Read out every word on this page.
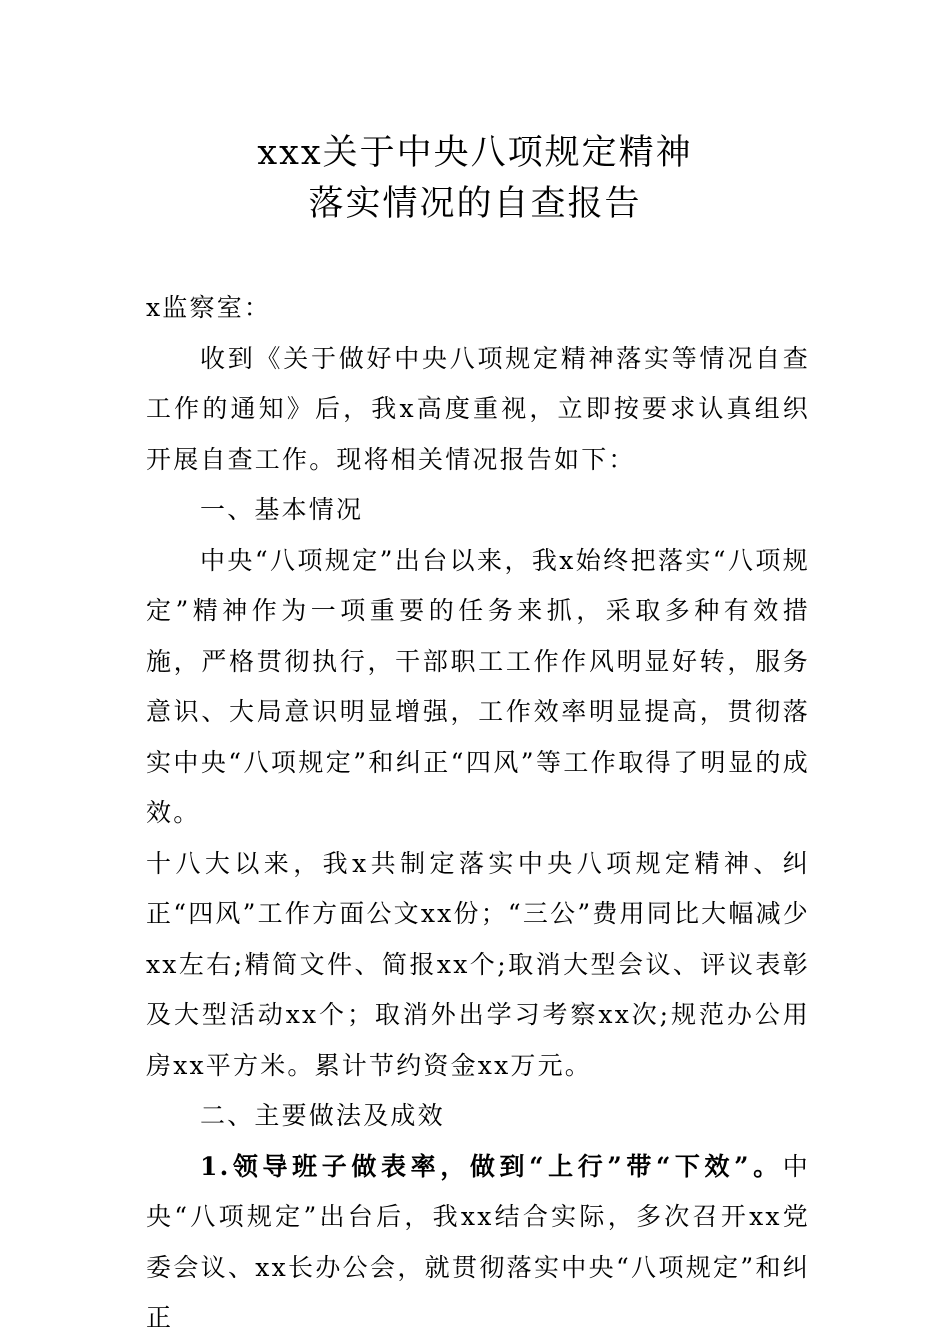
xxx关于中央八项规定精神
落实情况的自查报告

x监察室：

收到《关于做好中央八项规定精神落实等情况自查工作的通知》后，我x高度重视，立即按要求认真组织开展自查工作。现将相关情况报告如下：

一、基本情况

中央“八项规定”出台以来，我x始终把落实“八项规定”精神作为一项重要的任务来抓，采取多种有效措施，严格贯彻执行，干部职工工作作风明显好转，服务意识、大局意识明显增强，工作效率明显提高，贯彻落实中央“八项规定”和纠正“四风”等工作取得了明显的成效。

十八大以来，我x共制定落实中央八项规定精神、纠正“四风”工作方面公文xx份；“三公”费用同比大幅减少xx左右;精简文件、简报xx个;取消大型会议、评议表彰及大型活动xx个；取消外出学习考察xx次;规范办公用房xx平方米。累计节约资金xx万元。

二、主要做法及成效

1.领导班子做表率，做到“上行”带“下效”。中央“八项规定”出台后，我xx结合实际，多次召开xx党委会议、xx长办公会，就贯彻落实中央“八项规定”和纠正
